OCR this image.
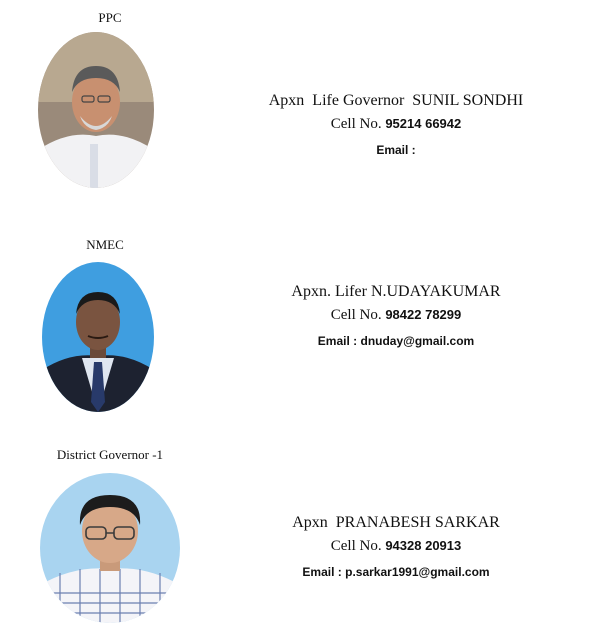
PPC
Apxn  Life Governor  SUNIL SONDHI
Cell No. 95214 66942
Email :
NMEC
Apxn. Lifer N.UDAYAKUMAR
Cell No. 98422 78299
Email : dnuday@gmail.com
District Governor -1
Apxn  PRANABESH SARKAR
Cell No. 94328 20913
Email : p.sarkar1991@gmail.com
